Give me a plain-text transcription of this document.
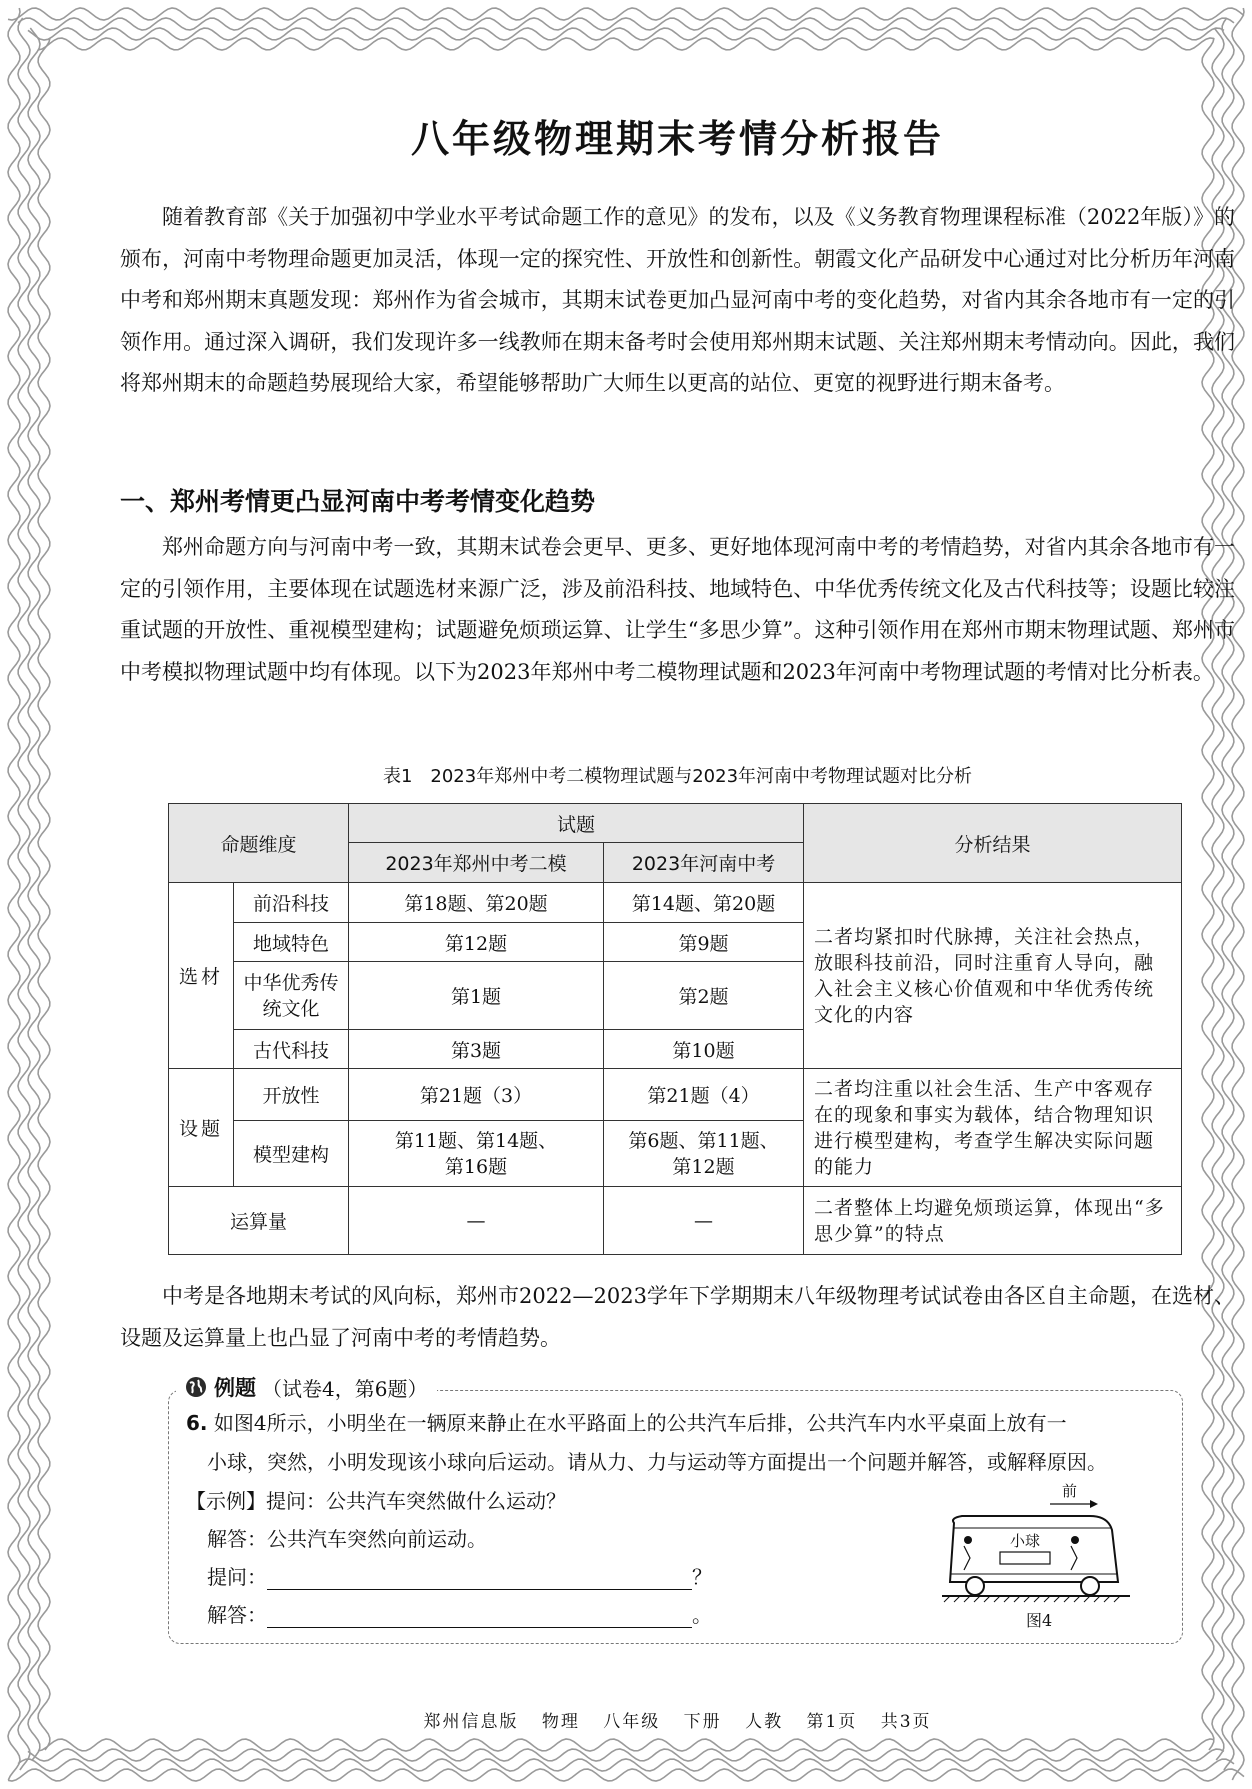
八年级物理期末考情分析报告

随着教育部《关于加强初中学业水平考试命题工作的意见》的发布，以及《义务教育物理课程标准（2022年版）》的颁布，河南中考物理命题更加灵活，体现一定的探究性、开放性和创新性。朝霞文化产品研发中心通过对比分析历年河南中考和郑州期末真题发现：郑州作为省会城市，其期末试卷更加凸显河南中考的变化趋势，对省内其余各地市有一定的引领作用。通过深入调研，我们发现许多一线教师在期末备考时会使用郑州期末试题、关注郑州期末考情动向。因此，我们将郑州期末的命题趋势展现给大家，希望能够帮助广大师生以更高的站位、更宽的视野进行期末备考。

一、郑州考情更凸显河南中考考情变化趋势

郑州命题方向与河南中考一致，其期末试卷会更早、更多、更好地体现河南中考的考情趋势，对省内其余各地市有一定的引领作用，主要体现在试题选材来源广泛，涉及前沿科技、地域特色、中华优秀传统文化及古代科技等；设题比较注重试题的开放性、重视模型建构；试题避免烦琐运算、让学生“多思少算”。这种引领作用在郑州市期末物理试题、郑州市中考模拟物理试题中均有体现。以下为2023年郑州中考二模物理试题和2023年河南中考物理试题的考情对比分析表。

表1　2023年郑州中考二模物理试题与2023年河南中考物理试题对比分析
命题维度		试题		分析结果
		2023年郑州中考二模	2023年河南中考	
选材	前沿科技	第18题、第20题	第14题、第20题	二者均紧扣时代脉搏，关注社会热点，放眼科技前沿，同时注重育人导向，融入社会主义核心价值观和中华优秀传统文化的内容
	地域特色	第12题	第9题	
	中华优秀传统文化	第1题	第2题	
	古代科技	第3题	第10题	
设题	开放性	第21题（3）	第21题（4）	二者均注重以社会生活、生产中客观存在的现象和事实为载体，结合物理知识进行模型建构，考查学生解决实际问题的能力
	模型建构	第11题、第14题、第16题	第6题、第11题、第12题	
运算量		—	—	二者整体上均避免烦琐运算，体现出“多思少算”的特点

中考是各地期末考试的风向标，郑州市2022—2023学年下学期期末八年级物理考试试卷由各区自主命题，在选材、设题及运算量上也凸显了河南中考的考情趋势。

例题 （试卷4，第6题）
6. 如图4所示，小明坐在一辆原来静止在水平路面上的公共汽车后排，公共汽车内水平桌面上放有一
小球，突然，小明发现该小球向后运动。请从力、力与运动等方面提出一个问题并解答，或解释原因。
【示例】提问：公共汽车突然做什么运动？
解答：公共汽车突然向前运动。
提问：	？
解答：	。
前
小球
图4
郑州信息版 物理 八年级 下册 人教 第1页 共3页
